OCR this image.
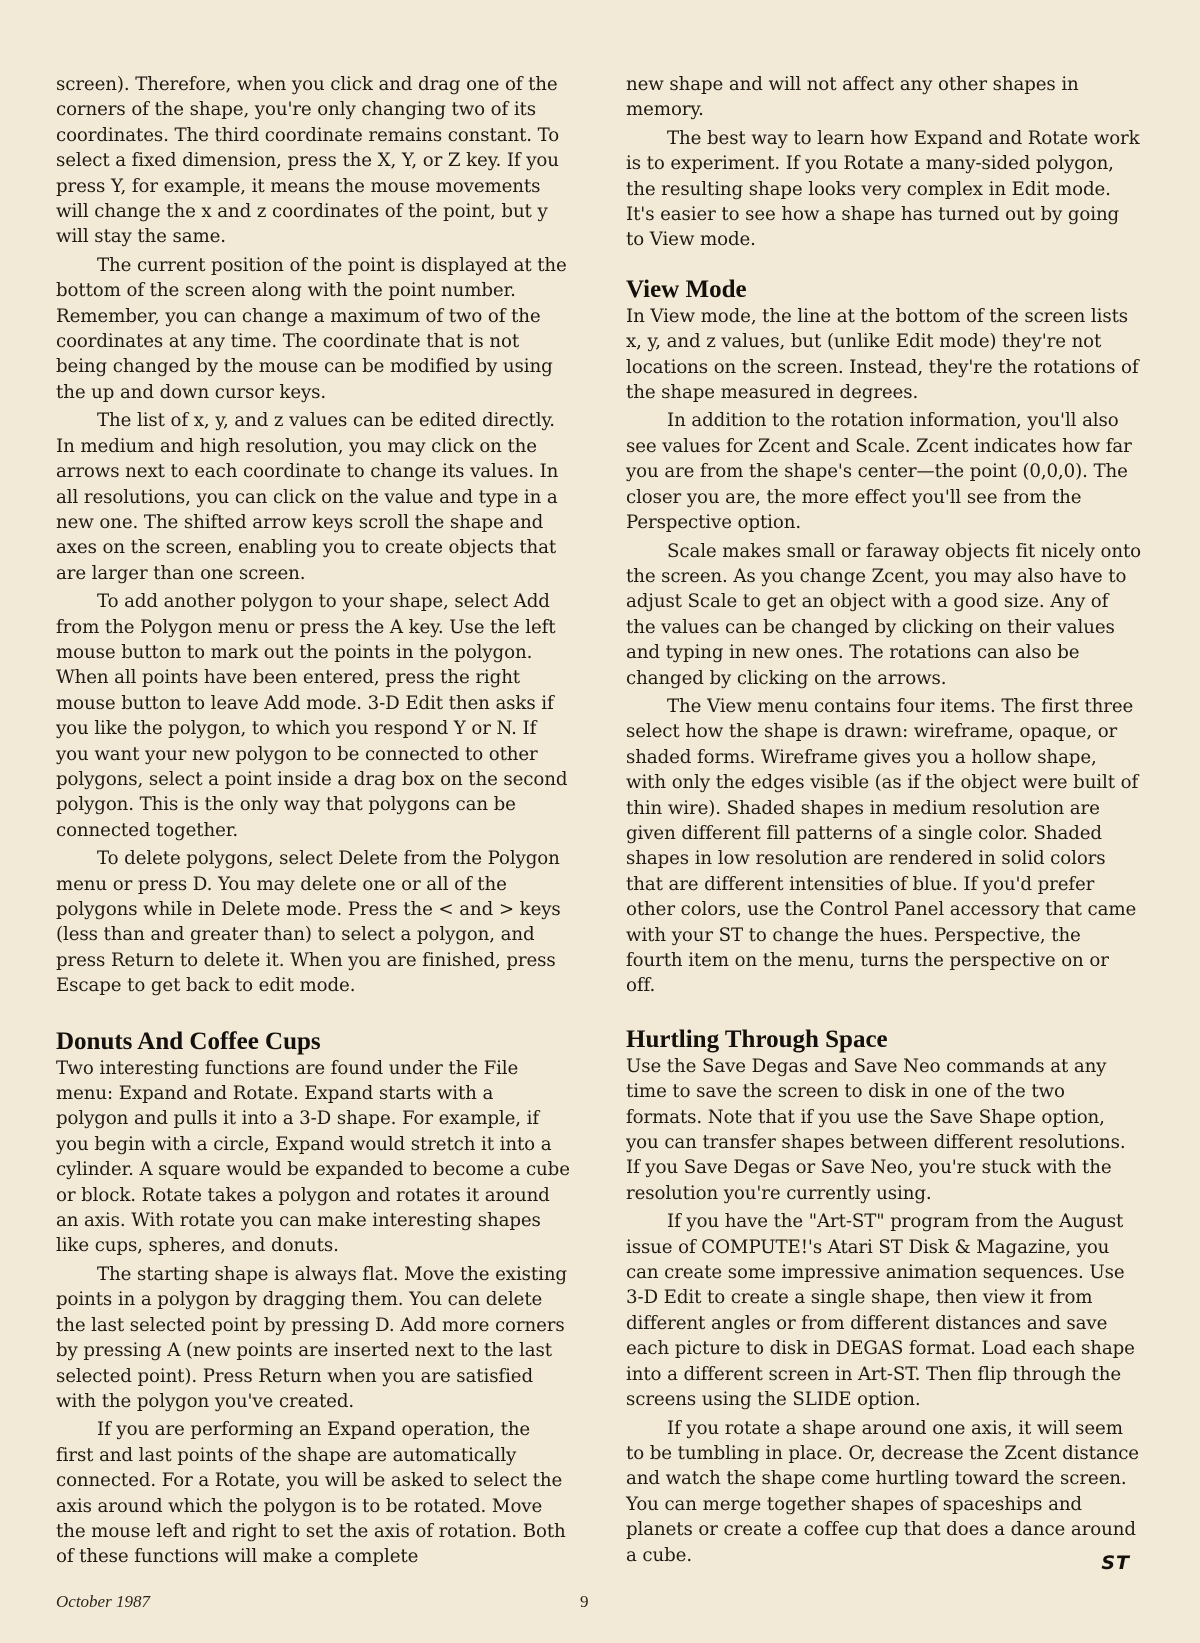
screen). Therefore, when you click and drag one of the corners of the shape, you're only changing two of its coordinates. The third coordinate remains constant. To select a fixed dimension, press the X, Y, or Z key. If you press Y, for example, it means the mouse movements will change the x and z coordinates of the point, but y will stay the same.

The current position of the point is displayed at the bottom of the screen along with the point number. Remember, you can change a maximum of two of the coordinates at any time. The coordinate that is not being changed by the mouse can be modified by using the up and down cursor keys.

The list of x, y, and z values can be edited directly. In medium and high resolution, you may click on the arrows next to each coordinate to change its values. In all resolutions, you can click on the value and type in a new one. The shifted arrow keys scroll the shape and axes on the screen, enabling you to create objects that are larger than one screen.

To add another polygon to your shape, select Add from the Polygon menu or press the A key. Use the left mouse button to mark out the points in the polygon. When all points have been entered, press the right mouse button to leave Add mode. 3-D Edit then asks if you like the polygon, to which you respond Y or N. If you want your new polygon to be connected to other polygons, select a point inside a drag box on the second polygon. This is the only way that polygons can be connected together.

To delete polygons, select Delete from the Polygon menu or press D. You may delete one or all of the polygons while in Delete mode. Press the < and > keys (less than and greater than) to select a polygon, and press Return to delete it. When you are finished, press Escape to get back to edit mode.

Donuts And Coffee Cups

Two interesting functions are found under the File menu: Expand and Rotate. Expand starts with a polygon and pulls it into a 3-D shape. For example, if you begin with a circle, Expand would stretch it into a cylinder. A square would be expanded to become a cube or block. Rotate takes a polygon and rotates it around an axis. With rotate you can make interesting shapes like cups, spheres, and donuts.

The starting shape is always flat. Move the existing points in a polygon by dragging them. You can delete the last selected point by pressing D. Add more corners by pressing A (new points are inserted next to the last selected point). Press Return when you are satisfied with the polygon you've created.

If you are performing an Expand operation, the first and last points of the shape are automatically connected. For a Rotate, you will be asked to select the axis around which the polygon is to be rotated. Move the mouse left and right to set the axis of rotation. Both of these functions will make a complete

new shape and will not affect any other shapes in memory.

The best way to learn how Expand and Rotate work is to experiment. If you Rotate a many-sided polygon, the resulting shape looks very complex in Edit mode. It's easier to see how a shape has turned out by going to View mode.

View Mode

In View mode, the line at the bottom of the screen lists x, y, and z values, but (unlike Edit mode) they're not locations on the screen. Instead, they're the rotations of the shape measured in degrees.

In addition to the rotation information, you'll also see values for Zcent and Scale. Zcent indicates how far you are from the shape's center—the point (0,0,0). The closer you are, the more effect you'll see from the Perspective option.

Scale makes small or faraway objects fit nicely onto the screen. As you change Zcent, you may also have to adjust Scale to get an object with a good size. Any of the values can be changed by clicking on their values and typing in new ones. The rotations can also be changed by clicking on the arrows.

The View menu contains four items. The first three select how the shape is drawn: wireframe, opaque, or shaded forms. Wireframe gives you a hollow shape, with only the edges visible (as if the object were built of thin wire). Shaded shapes in medium resolution are given different fill patterns of a single color. Shaded shapes in low resolution are rendered in solid colors that are different intensities of blue. If you'd prefer other colors, use the Control Panel accessory that came with your ST to change the hues. Perspective, the fourth item on the menu, turns the perspective on or off.

Hurtling Through Space

Use the Save Degas and Save Neo commands at any time to save the screen to disk in one of the two formats. Note that if you use the Save Shape option, you can transfer shapes between different resolutions. If you Save Degas or Save Neo, you're stuck with the resolution you're currently using.

If you have the "Art-ST" program from the August issue of COMPUTE!'s Atari ST Disk & Magazine, you can create some impressive animation sequences. Use 3-D Edit to create a single shape, then view it from different angles or from different distances and save each picture to disk in DEGAS format. Load each shape into a different screen in Art-ST. Then flip through the screens using the SLIDE option.

If you rotate a shape around one axis, it will seem to be tumbling in place. Or, decrease the Zcent distance and watch the shape come hurtling toward the screen. You can merge together shapes of spaceships and planets or create a coffee cup that does a dance around a cube.	ST

October 1987	9
